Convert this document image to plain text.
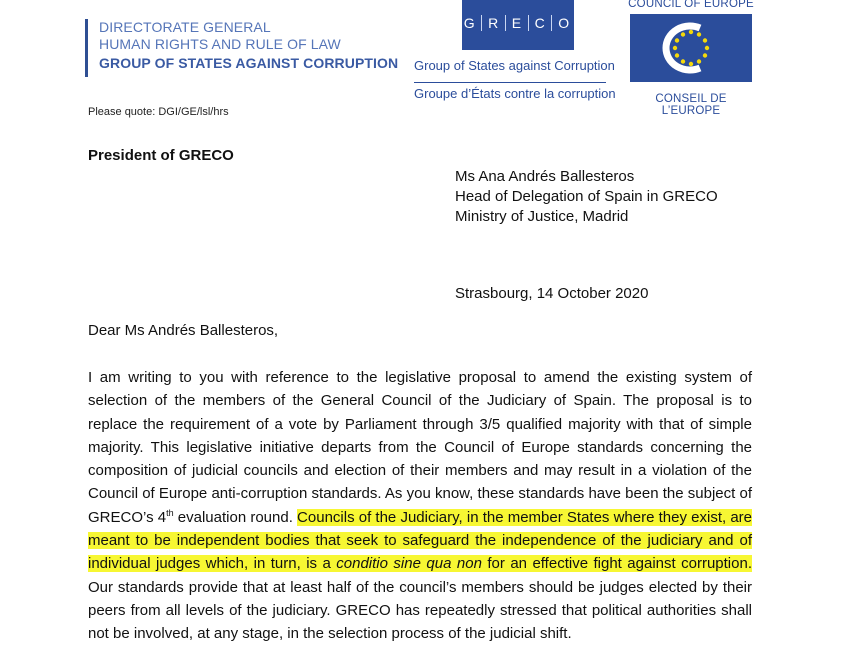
DIRECTORATE GENERAL
HUMAN RIGHTS AND RULE OF LAW
GROUP OF STATES AGAINST CORRUPTION
G R E C O
Group of States against Corruption
Groupe d’États contre la corruption
COUNCIL OF EUROPE
CONSEIL DE L’EUROPE
Please quote: DGI/GE/lsl/hrs
President of GRECO
Ms Ana Andrés Ballesteros
Head of Delegation of Spain in GRECO
Ministry of Justice, Madrid
Strasbourg, 14 October 2020
Dear Ms Andrés Ballesteros,
I am writing to you with reference to the legislative proposal to amend the existing system of selection of the members of the General Council of the Judiciary of Spain. The proposal is to replace the requirement of a vote by Parliament through 3/5 qualified majority with that of simple majority. This legislative initiative departs from the Council of Europe standards concerning the composition of judicial councils and election of their members and may result in a violation of the Council of Europe anti-corruption standards. As you know, these standards have been the subject of GRECO’s 4th evaluation round. Councils of the Judiciary, in the member States where they exist, are meant to be independent bodies that seek to safeguard the independence of the judiciary and of individual judges which, in turn, is a conditio sine qua non for an effective fight against corruption. Our standards provide that at least half of the council’s members should be judges elected by their peers from all levels of the judiciary. GRECO has repeatedly stressed that political authorities shall not be involved, at any stage, in the selection process of the judicial shift.
